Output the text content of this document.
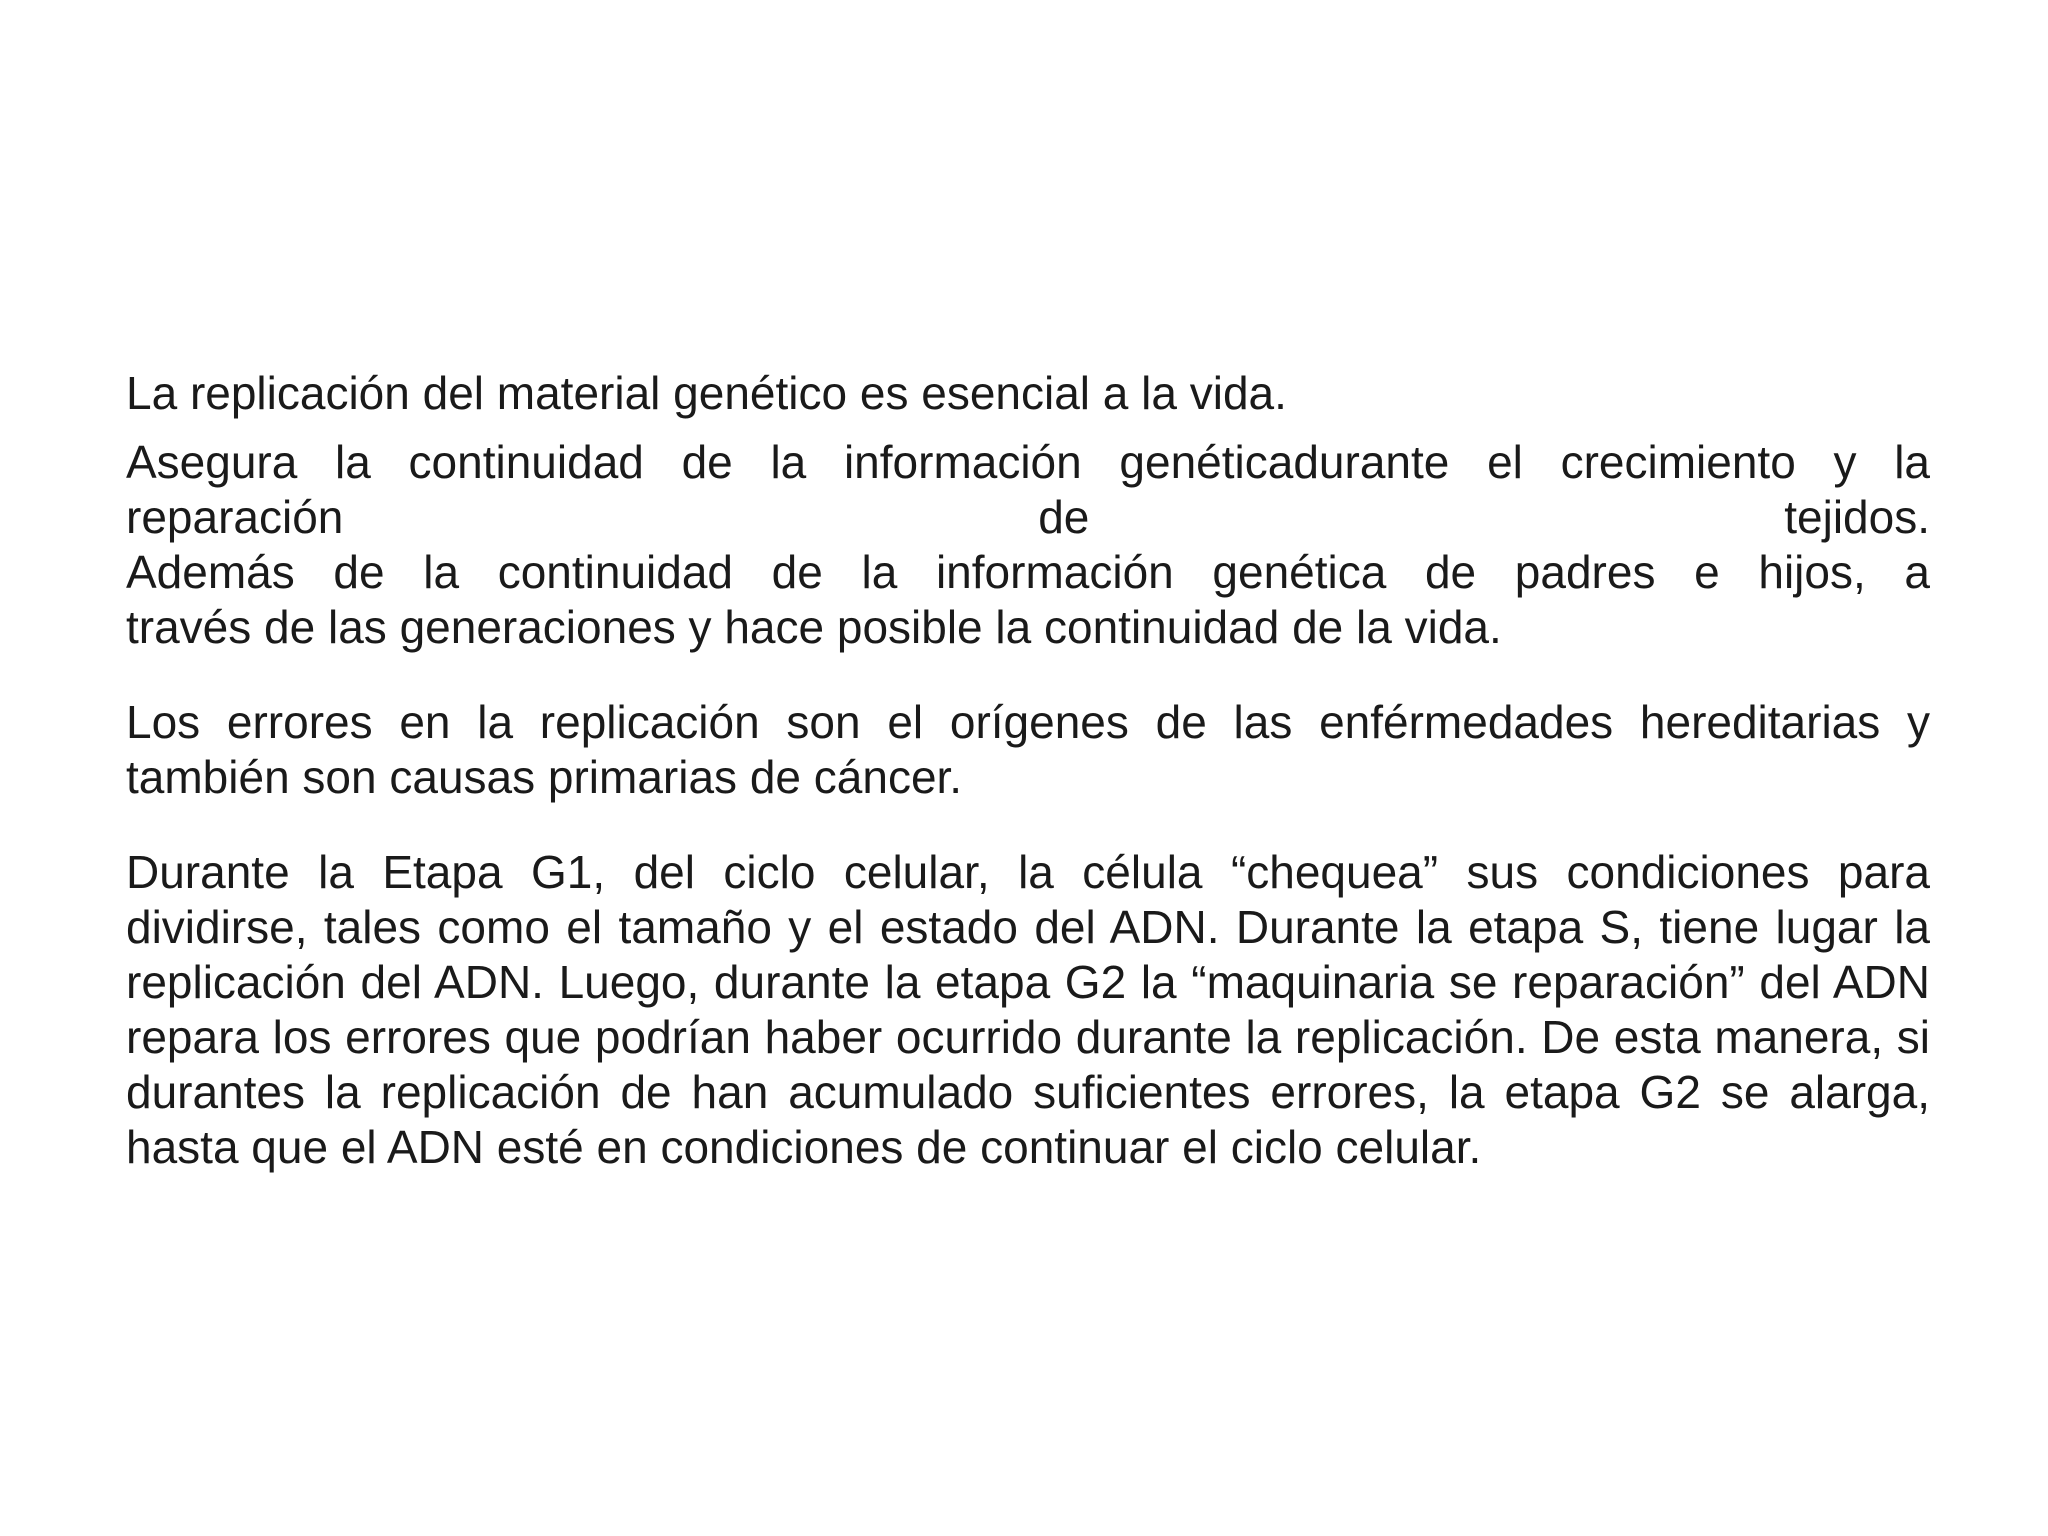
La replicación del material genético es esencial a la vida.

Asegura la continuidad de la información genéticadurante el crecimiento y la
reparación de tejidos.
Además de la continuidad de la información genética de padres e hijos, a
través de las generaciones y hace posible la continuidad de la vida.

Los errores en la replicación son el orígenes de las enférmedades hereditarias y también son causas primarias de cáncer.

Durante la Etapa G1, del ciclo celular, la célula “chequea” sus condiciones para dividirse, tales como el tamaño y el estado del ADN. Durante la etapa S, tiene lugar la replicación del ADN. Luego, durante la etapa G2 la “maquinaria se reparación” del ADN repara los errores que podrían haber ocurrido durante la replicación. De esta manera, si durantes la replicación de han acumulado suficientes errores, la etapa G2 se alarga, hasta que el ADN esté en condiciones de continuar el ciclo celular.
